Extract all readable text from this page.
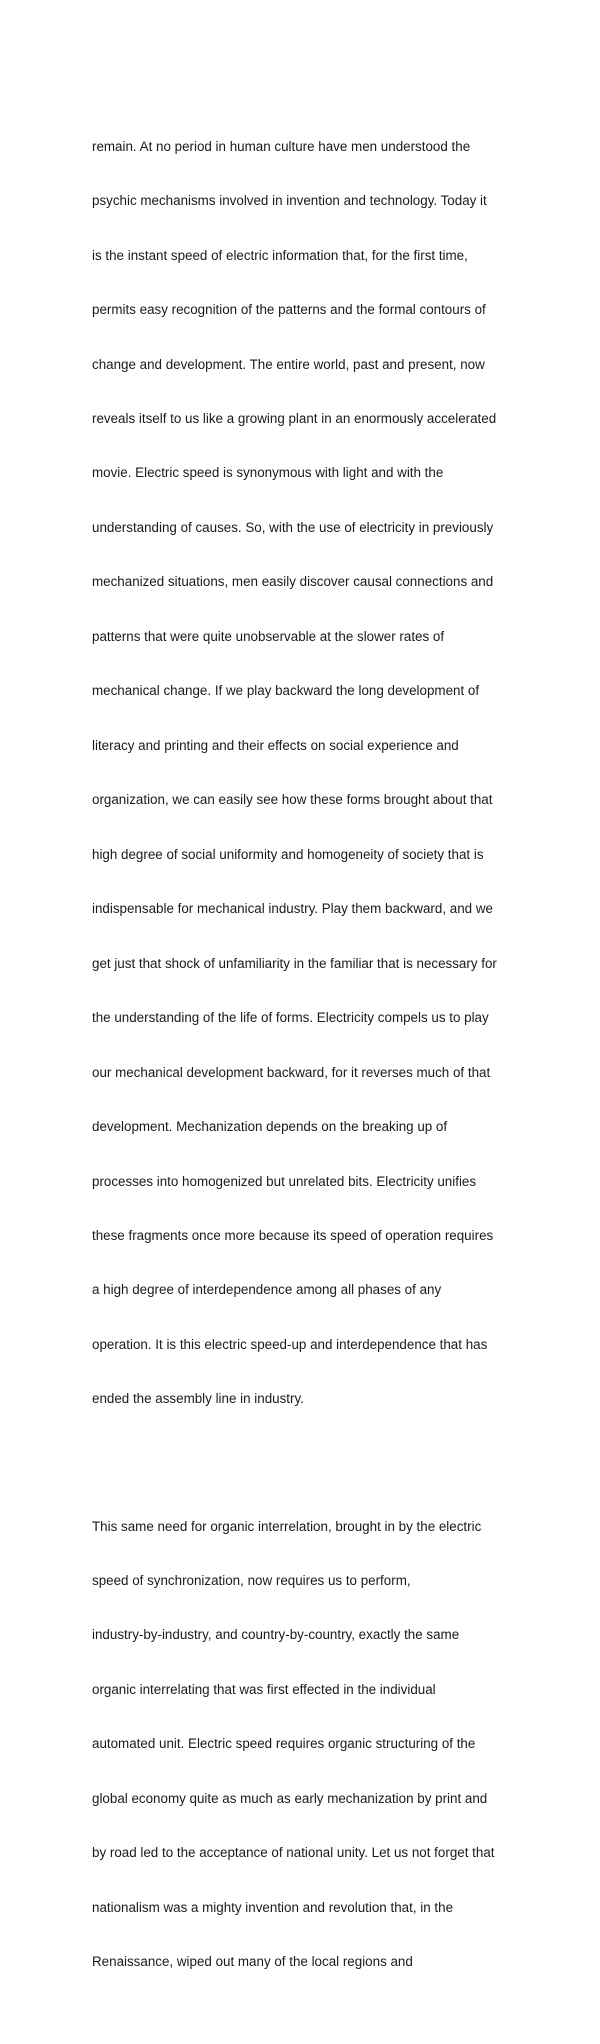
remain. At no period in human culture have men understood the

psychic mechanisms involved in invention and technology. Today it

is the instant speed of electric information that, for the first time,

permits easy recognition of the patterns and the formal contours of

change and development. The entire world, past and present, now

reveals itself to us like a growing plant in an enormously accelerated

movie. Electric speed is synonymous with light and with the

understanding of causes. So, with the use of electricity in previously

mechanized situations, men easily discover causal connections and

patterns that were quite unobservable at the slower rates of

mechanical change. If we play backward the long development of

literacy and printing and their effects on social experience and

organization, we can easily see how these forms brought about that

high degree of social uniformity and homogeneity of society that is

indispensable for mechanical industry. Play them backward, and we

get just that shock of unfamiliarity in the familiar that is necessary for

the understanding of the life of forms. Electricity compels us to play

our mechanical development backward, for it reverses much of that

development. Mechanization depends on the breaking up of

processes into homogenized but unrelated bits. Electricity unifies

these fragments once more because its speed of operation requires

a high degree of interdependence among all phases of any

operation. It is this electric speed-up and interdependence that has

ended the assembly line in industry.

This same need for organic interrelation, brought in by the electric

speed of synchronization, now requires us to perform,

industry-by-industry, and country-by-country, exactly the same

organic interrelating that was first effected in the individual

automated unit. Electric speed requires organic structuring of the

global economy quite as much as early mechanization by print and

by road led to the acceptance of national unity. Let us not forget that

nationalism was a mighty invention and revolution that, in the

Renaissance, wiped out many of the local regions and
